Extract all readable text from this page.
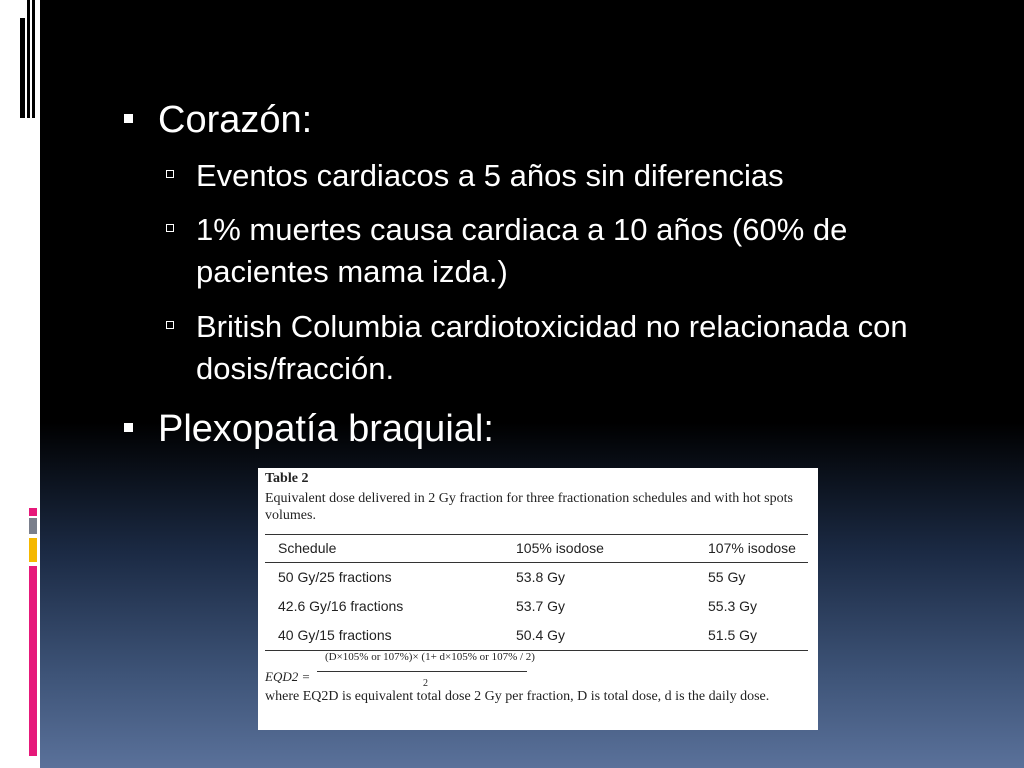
Corazón:
Eventos cardiacos a 5 años sin diferencias
1% muertes causa cardiaca a 10 años (60% de pacientes mama izda.)
British Columbia cardiotoxicidad no relacionada con dosis/fracción.
Plexopatía braquial:
Table 2
Equivalent dose delivered in 2 Gy fraction for three fractionation schedules and with hot spots volumes.
Schedule	105% isodose	107% isodose
50 Gy/25 fractions	53.8 Gy	55 Gy
42.6 Gy/16 fractions	53.7 Gy	55.3 Gy
40 Gy/15 fractions	50.4 Gy	51.5 Gy
EQD2 =
(D×105% or 107%)× (1+ d×105% or 107% / 2)
2
where EQ2D is equivalent total dose 2 Gy per fraction, D is total dose, d is the daily dose.
